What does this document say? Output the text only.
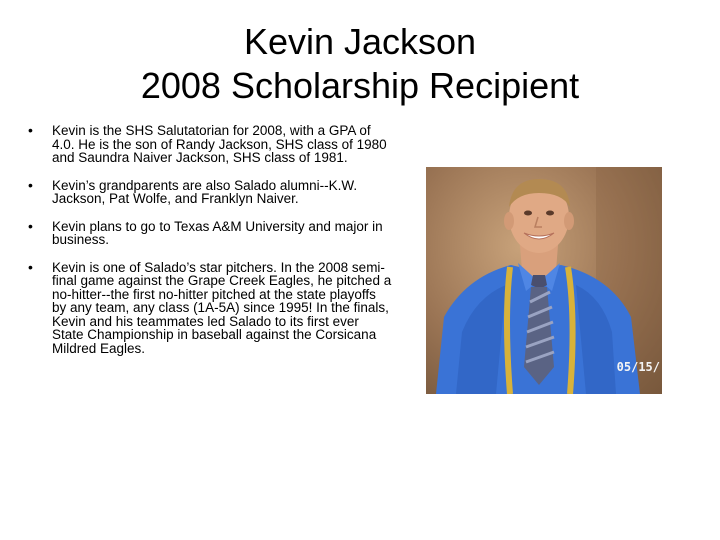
Kevin Jackson
2008 Scholarship Recipient
•	Kevin is the SHS Salutatorian for 2008, with a GPA of 4.0. He is the son of Randy Jackson, SHS class of 1980 and Saundra Naiver Jackson, SHS class of 1981.
•	Kevin’s grandparents are also Salado alumni--K.W. Jackson, Pat Wolfe, and Franklyn Naiver.
•	Kevin plans to go to Texas A&M University and major in business.
•	Kevin is one of Salado’s star pitchers. In the 2008 semi-final game against the Grape Creek Eagles, he pitched a no-hitter--the first no-hitter pitched at the state playoffs by any team, any class (1A-5A) since 1995! In the finals, Kevin and his teammates led Salado to its first ever State Championship in baseball against the Corsicana Mildred Eagles.
05/15/
